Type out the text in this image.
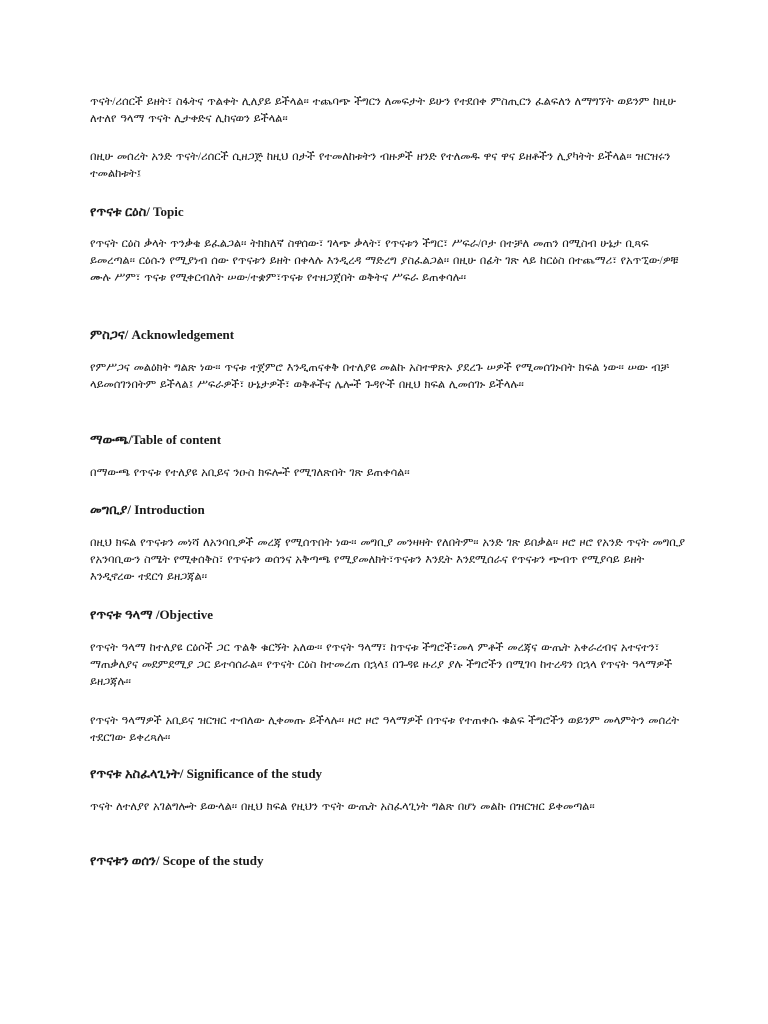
ጥናት/ሪሰርች ይዘት፣ ስፋትና ጥልቀት ሊለያይ ይችላል፡፡ ተጨባጭ ችግርን ለመፍታት ይሁን የተደበቀ ምስጢርን ፈልፍለን ለማግኘት ወይንም ከዚሁ ለተለየ ዓላማ ጥናት ሊታቀድና ሊከናወን ይችላል፡፡

በዚሁ መሰረት አንድ ጥናት/ሪሰርች ሲዘጋጅ ከዚህ በታች የተመለከቱትን ብዙዎች ዘንድ የተለመዱ ዋና ዋና ይዘቶችን ሊያካትት ይችላል፡፡ ዝርዝሩን ተመልከቱት፤

የጥናቱ ርዕስ/ Topic

የጥናት ርዕስ ቃላት ጥንቃቄ ይፈልጋል፡፡ ትክክለኛ ስዋሰው፣ ገላጭ ቃላት፣ የጥናቱን ችግር፣ ሥፍራ/ቦታ በተቻለ መጠን በሚስብ ሁኔታ ቢጻፍ ይመረጣል፡፡ ርዕሱን የሚያነብ ሰው የጥናቱን ይዘት በቀላሉ እንዲረዳ ማድረግ ያስፈልጋል፡፡ በዚሁ በፊት ገጽ ላይ ከርዕስ በተጨማሪ፣ የአጥኚው/ዎቹ ሙሉ ሥም፣ ጥናቱ የሚቀርብለት ሠው/ተቋም፣ጥናቱ የተዘጋጀበት ወቅትና ሥፍራ ይጠቀሳሉ፡፡

ምስጋና/ Acknowledgement

የምሥጋና መልዕክት ግልጽ ነው፡፡ ጥናቱ ተጀምሮ እንዲጠናቀቅ በተለያዩ መልኩ አስተዋጽኦ ያደረጉ ሠዎች የሚመሰገኑበት ክፍል ነው፡፡ ሠው ብቻ ላይመሰገንበትም ይችላል፤ ሥፍራዎች፣ ሁኔታዎች፣ ወቅቶችና ሌሎች ጉዳዮች በዚህ ክፍል ሊመሰገኑ ይችላሉ፡፡

ማውጫ/Table of content

በማውጫ የጥናቱ የተለያዩ አቢይና ንዑስ ክፍሎች የሚገለጽበት ገጽ ይጠቀሳል፡፡

መግቢያ/ Introduction

በዚህ ክፍል የጥናቱን መነሻ ለአንባቢዎች መረጃ የሚሰጥበት ነው፡፡ መግቢያ መንዛዛት የለበትም፡፡ አንድ ገጽ ይበቃል፡፡ ዞሮ ዞሮ የአንድ ጥናት መግቢያ የአንባቢውን ስሜት የሚቀሰቅስ፣ የጥናቱን ወሰንና አቅጣጫ የሚያመለክት፣ጥናቱን እንዴት እንደሚሰራና የጥናቱን ጭብጥ የሚያሳይ ይዘት እንዲኖረው ተደርጎ ይዘጋጃል፡፡

የጥናቱ ዓላማ /Objective

የጥናት ዓላማ ከተለያዩ ርዕሶች ጋር ጥልቅ ቁርኝት አለው፡፡ የጥናት ዓላማ፣ ከጥናቱ ችግሮች፣መላ ምቶች መረጃና ውጤት አቀራረብና አተናተን፣ ማጠቃለያና መደምደሚያ ጋር ይተሳሰራል፡፡ የጥናት ርዕስ ከተመረጠ በኋላ፤ በጉዳዩ ዙሪያ ያሉ ችግሮችን በሚገባ ከተረዳን በኋላ የጥናት ዓላማዎች ይዘጋጃሉ፡፡

የጥናት ዓላማዎች አቢይና ዝርዝር ተብለው ሊቀመጡ ይችላሉ፡፡ ዞሮ ዞሮ ዓላማዎች በጥናቱ የተጠቀሱ ቁልፍ ችግሮችን ወይንም መላምትን መሰረት ተደርገው ይቀረጻሉ፡፡

የጥናቱ አስፈላጊነት/ Significance of the study

ጥናት ለተለያየ አገልግሎት ይውላል፡፡ በዚህ ክፍል የዚህን ጥናት ውጤት አስፈላጊነት ግልጽ በሆነ መልኩ በዝርዝር ይቀመጣል፡፡

የጥናቱን ወሰን/ Scope of the study
